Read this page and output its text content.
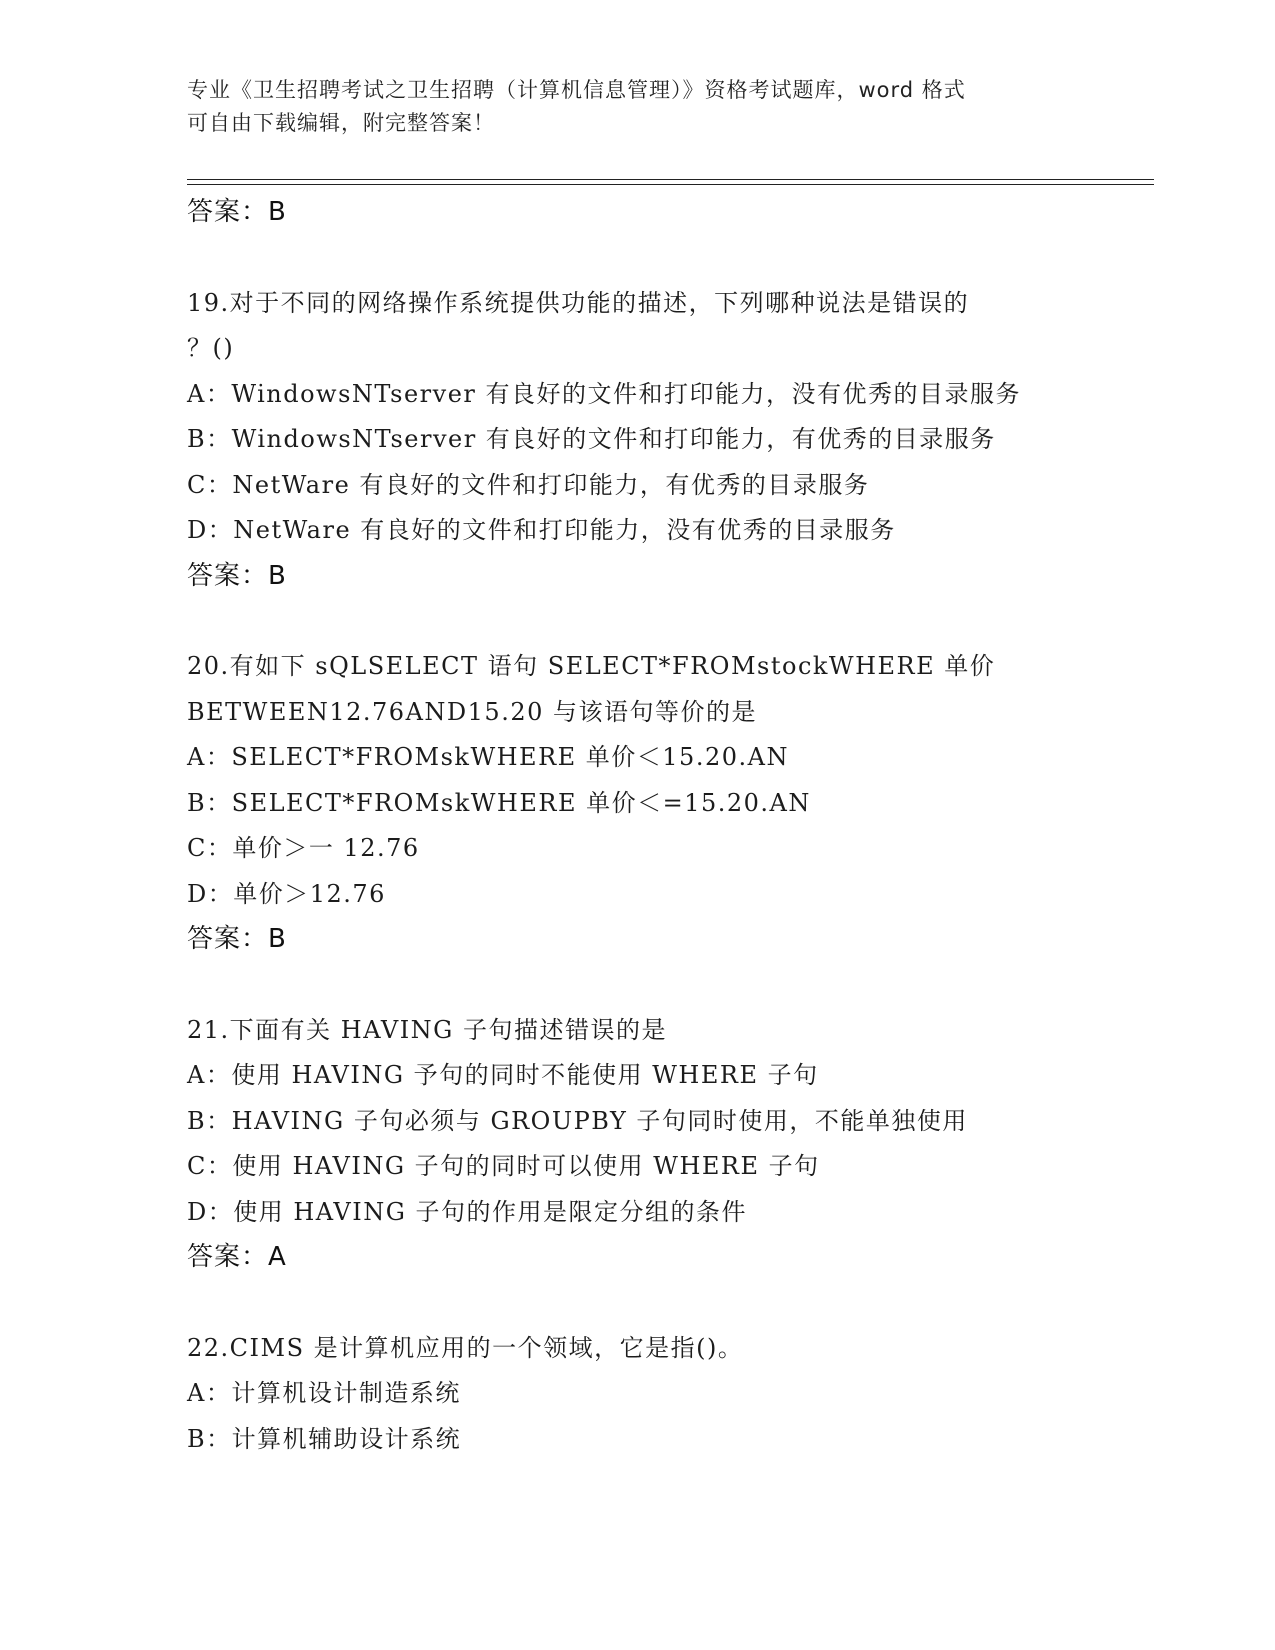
专业《卫生招聘考试之卫生招聘（计算机信息管理）》资格考试题库，word 格式
可自由下载编辑，附完整答案！
答案：B
19.对于不同的网络操作系统提供功能的描述，下列哪种说法是错误的
？()
A：WindowsNTserver 有良好的文件和打印能力，没有优秀的目录服务
B：WindowsNTserver 有良好的文件和打印能力，有优秀的目录服务
C：NetWare 有良好的文件和打印能力，有优秀的目录服务
D：NetWare 有良好的文件和打印能力，没有优秀的目录服务
答案：B
20.有如下 sQLSELECT 语句 SELECT*FROMstockWHERE 单价
BETWEEN12.76AND15.20 与该语句等价的是
A：SELECT*FROMskWHERE 单价＜15.20.AN
B：SELECT*FROMskWHERE 单价＜=15.20.AN
C：单价＞一 12.76
D：单价＞12.76
答案：B
21.下面有关 HAVING 子句描述错误的是
A：使用 HAVING 予句的同时不能使用 WHERE 子句
B：HAVING 子句必须与 GROUPBY 子句同时使用，不能单独使用
C：使用 HAVING 子句的同时可以使用 WHERE 子句
D：使用 HAVING 子句的作用是限定分组的条件
答案：A
22.CIMS 是计算机应用的一个领域，它是指()。
A：计算机设计制造系统
B：计算机辅助设计系统
